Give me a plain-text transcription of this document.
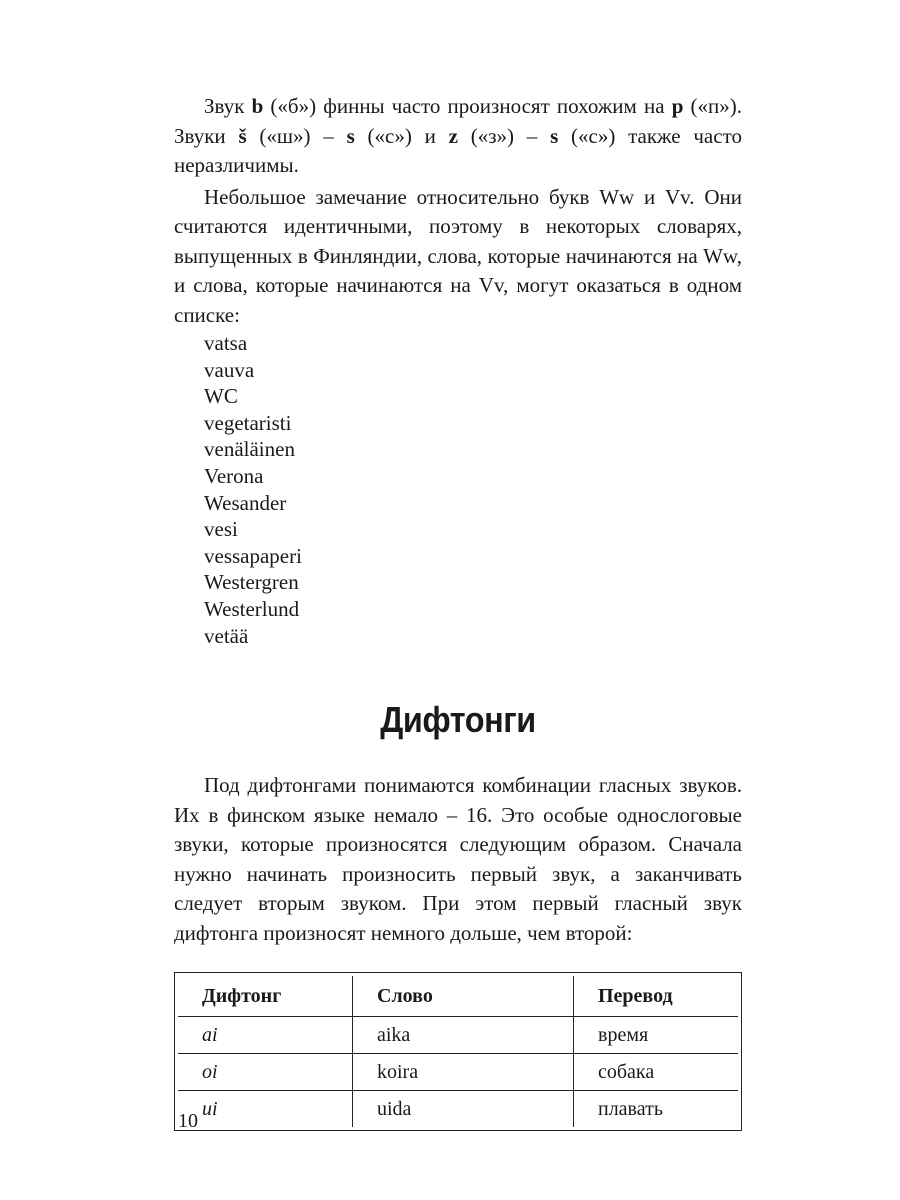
Звук b («б») финны часто произносят похожим на p («п»). Звуки š («ш») – s («с») и z («з») – s («с») также часто неразличимы.

Небольшое замечание относительно букв Ww и Vv. Они считаются идентичными, поэтому в некоторых словарях, выпущенных в Финляндии, слова, которые начинаются на Ww, и слова, которые начинаются на Vv, могут оказаться в одном списке:

vatsa
vauva
WC
vegetaristi
venäläinen
Verona
Wesander
vesi
vessapaperi
Westergren
Westerlund
vetää
Дифтонги

Под дифтонгами понимаются комбинации гласных звуков. Их в финском языке немало – 16. Это особые однослоговые звуки, которые произносятся следующим образом. Сначала нужно начинать произносить первый звук, а заканчивать следует вторым звуком. При этом первый гласный звук дифтонга произносят немного дольше, чем второй:

Дифтонг	Слово	Перевод
ai	aika	время
oi	koira	собака
ui	uida	плавать
10
